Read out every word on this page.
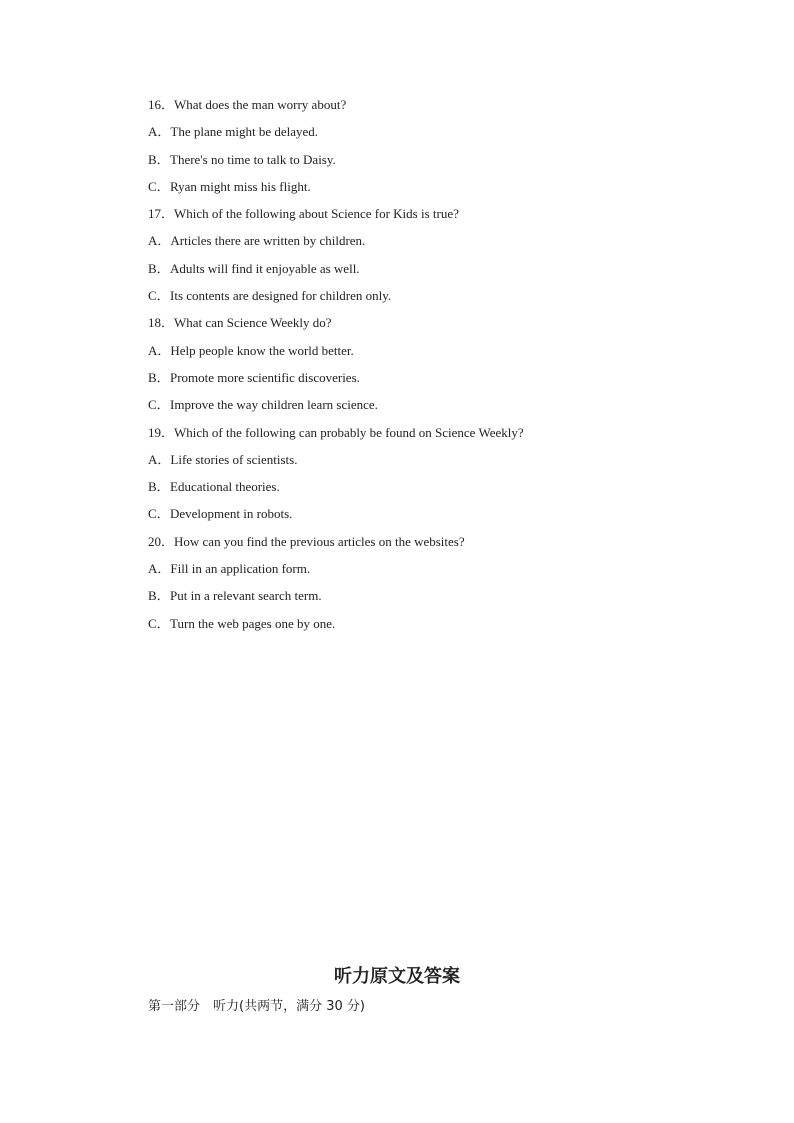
16．What does the man worry about?
A．The plane might be delayed.
B．There's no time to talk to Daisy.
C．Ryan might miss his flight.
17．Which of the following about Science for Kids is true?
A．Articles there are written by children.
B．Adults will find it enjoyable as well.
C．Its contents are designed for children only.
18．What can Science Weekly do?
A．Help people know the world better.
B．Promote more scientific discoveries.
C．Improve the way children learn science.
19．Which of the following can probably be found on Science Weekly?
A．Life stories of scientists.
B．Educational theories.
C．Development in robots.
20．How can you find the previous articles on the websites?
A．Fill in an application form.
B．Put in a relevant search term.
C．Turn the web pages one by one.
听力原文及答案
第一部分　听力(共两节，满分 30 分)
